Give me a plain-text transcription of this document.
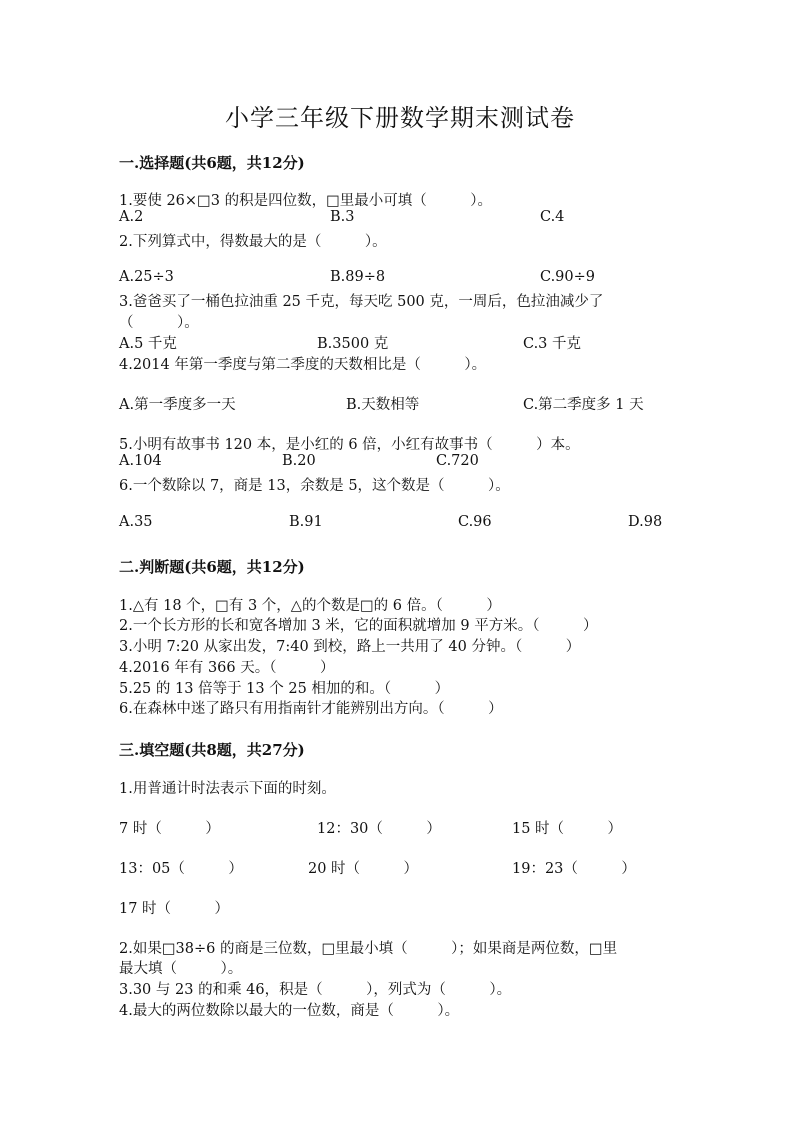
小学三年级下册数学期末测试卷
一.选择题(共6题，共12分)
1.要使 26×□3 的积是四位数，□里最小可填（　　　）。
A.2	B.3	C.4
2.下列算式中，得数最大的是（　　　）。
A.25÷3	B.89÷8	C.90÷9
3.爸爸买了一桶色拉油重 25 千克，每天吃 500 克，一周后，色拉油减少了
（　　　）。
A.5 千克	B.3500 克	C.3 千克
4.2014 年第一季度与第二季度的天数相比是（　　　）。
A.第一季度多一天	B.天数相等	C.第二季度多 1 天
5.小明有故事书 120 本，是小红的 6 倍，小红有故事书（　　　）本。
A.104	B.20	C.720
6.一个数除以 7，商是 13，余数是 5，这个数是（　　　）。
A.35	B.91	C.96	D.98
二.判断题(共6题，共12分)
1.△有 18 个，□有 3 个，△的个数是□的 6 倍。（　　　）
2.一个长方形的长和宽各增加 3 米，它的面积就增加 9 平方米。（　　　）
3.小明 7:20 从家出发，7:40 到校，路上一共用了 40 分钟。（　　　）
4.2016 年有 366 天。（　　　）
5.25 的 13 倍等于 13 个 25 相加的和。（　　　）
6.在森林中迷了路只有用指南针才能辨别出方向。（　　　）
三.填空题(共8题，共27分)
1.用普通计时法表示下面的时刻。
7 时（　　　）	12：30（　　　）	15 时（　　　）
13：05（　　　）	20 时（　　　）	19：23（　　　）
17 时（　　　）
2.如果□38÷6 的商是三位数，□里最小填（　　　）；如果商是两位数，□里
最大填（　　　）。
3.30 与 23 的和乘 46，积是（　　　），列式为（　　　）。
4.最大的两位数除以最大的一位数，商是（　　　）。
